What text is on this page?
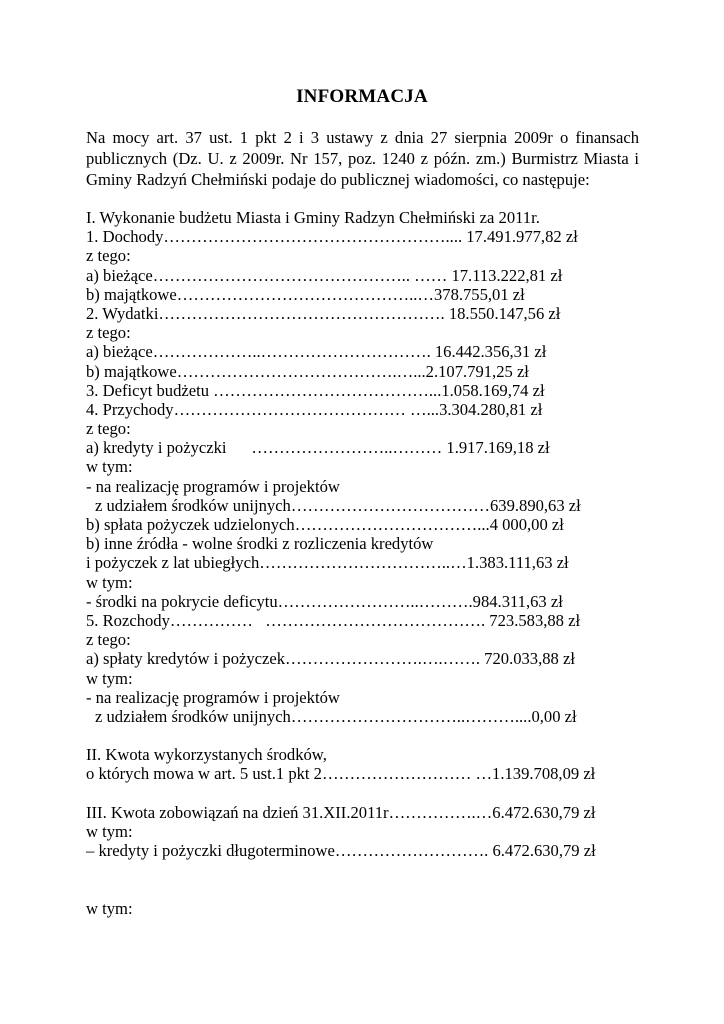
INFORMACJA
Na mocy art. 37 ust. 1 pkt 2 i 3 ustawy z dnia 27 sierpnia 2009r o finansach publicznych (Dz. U. z 2009r. Nr 157, poz. 1240 z późn. zm.) Burmistrz Miasta i Gminy Radzyń Chełmiński podaje do publicznej wiadomości, co następuje:
I. Wykonanie budżetu Miasta i Gminy Radzyn Chełmiński za 2011r.
1. Dochody…………………………………………….... 17.491.977,82 zł
z tego:
a) bieżące……………………………………….. …… 17.113.222,81 zł
b) majątkowe……………………………………..…378.755,01 zł
2. Wydatki……………………………………………. 18.550.147,56 zł
z tego:
a) bieżące………………..…………………………. 16.442.356,31 zł
b) majątkowe………………………………….…...2.107.791,25 zł
3. Deficyt budżetu …………………………………...1.058.169,74 zł
4. Przychody…………………………………… …...3.304.280,81 zł
z tego:
a) kredyty i pożyczki      ……………………..……… 1.917.169,18 zł
w tym:
- na realizację programów i projektów
z udziałem środków unijnych………………………………639.890,63 zł
b) spłata pożyczek udzielonych……………………………...4 000,00 zł
b) inne źródła - wolne środki z rozliczenia kredytów
i pożyczek z lat ubiegłych……………………………..…1.383.111,63 zł
w tym:
- środki na pokrycie deficytu……………………..……….984.311,63 zł
5. Rozchody……………   …………………………………. 723.583,88 zł
z tego:
a) spłaty kredytów i pożyczek…………………….….……. 720.033,88 zł
w tym:
- na realizację programów i projektów
z udziałem środków unijnych…………………………..………....0,00 zł
II. Kwota wykorzystanych środków,
o których mowa w art. 5 ust.1 pkt 2……………………… …1.139.708,09 zł
III. Kwota zobowiązań na dzień 31.XII.2011r…………….…6.472.630,79 zł
w tym:
– kredyty i pożyczki długoterminowe………………………. 6.472.630,79 zł
w tym:
